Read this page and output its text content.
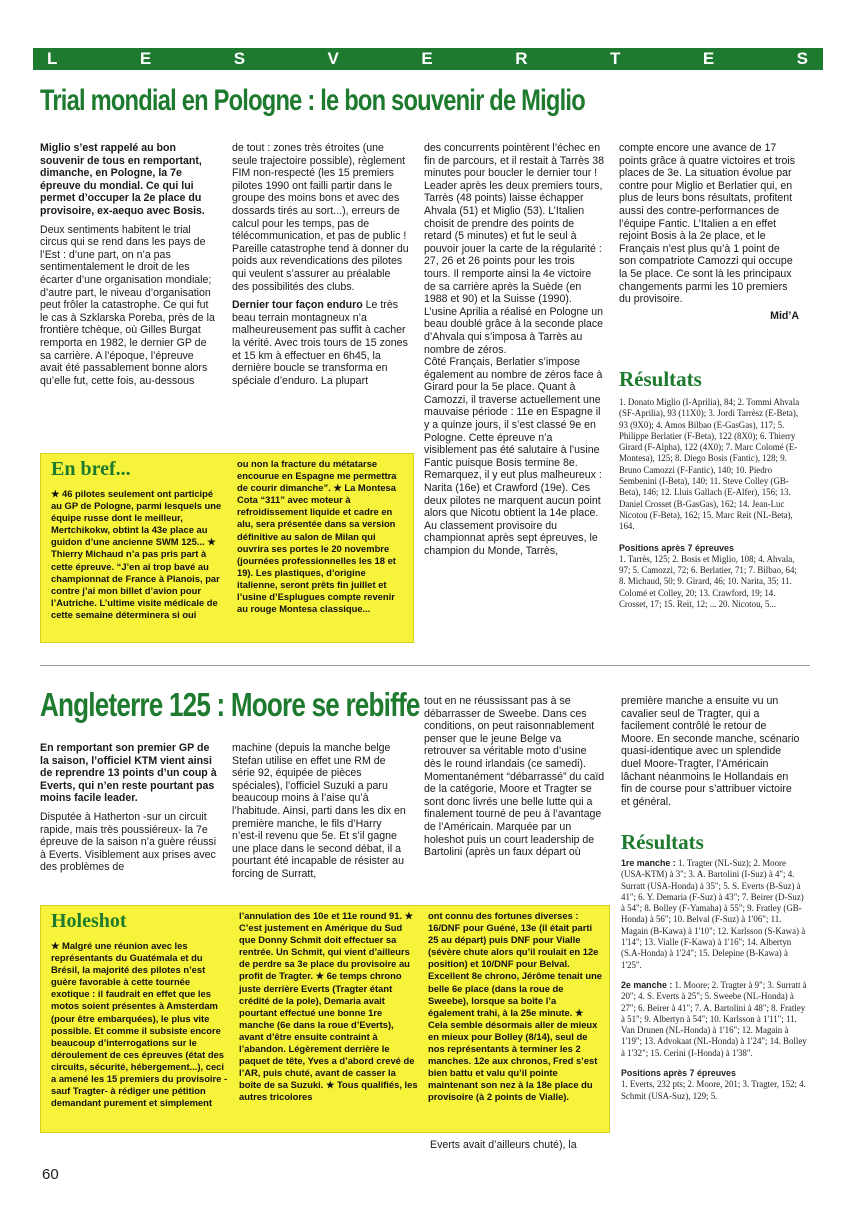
L	E	S	V	E	R	T	E	S
Trial mondial en Pologne : le bon souvenir de Miglio

Miglio s’est rappelé au bon souvenir de tous en remportant, dimanche, en Pologne, la 7e épreuve du mondial. Ce qui lui permet d’occuper la 2e place du provisoire, ex-aequo avec Bosis.

Deux sentiments habitent le trial circus qui se rend dans les pays de l’Est : d’une part, on n’a pas sentimentalement le droit de les écarter d’une organisation mondiale; d’autre part, le niveau d’organisation peut frôler la catastrophe. Ce qui fut le cas à Szklarska Poreba, près de la frontière tchèque, où Gilles Burgat remporta en 1982, le dernier GP de sa carrière. A l’époque, l’épreuve avait été passablement bonne alors qu’elle fut, cette fois, au-dessous

de tout : zones très étroites (une seule trajectoire possible), règlement FIM non-respecté (les 15 premiers pilotes 1990 ont failli partir dans le groupe des moins bons et avec des dossards tirés au sort...), erreurs de calcul pour les temps, pas de télécommunication, et pas de public ! Pareille catastrophe tend à donner du poids aux revendications des pilotes qui veulent s’assurer au préalable des possibilités des clubs.

Dernier tour façon enduro Le très beau terrain montagneux n’a malheureusement pas suffit à cacher la vérité. Avec trois tours de 15 zones et 15 km à effectuer en 6h45, la dernière boucle se transforma en spéciale d’enduro. La plupart

des concurrents pointèrent l’échec en fin de parcours, et il restait à Tarrès 38 minutes pour boucler le dernier tour ! Leader après les deux premiers tours, Tarrès (48 points) laisse échapper Ahvala (51) et Miglio (53). L’Italien choisit de prendre des points de retard (5 minutes) et fut le seul à pouvoir jouer la carte de la régularité : 27, 26 et 26 points pour les trois tours. Il remporte ainsi la 4e victoire de sa carrière après la Suède (en 1988 et 90) et la Suisse (1990). L’usine Aprilia a réalisé en Pologne un beau doublé grâce à la seconde place d’Ahvala qui s’imposa à Tarrès au nombre de zéros.

Côté Français, Berlatier s’impose également au nombre de zéros face à Girard pour la 5e place. Quant à Camozzi, il traverse actuellement une mauvaise période : 11e en Espagne il y a quinze jours, il s’est classé 9e en Pologne. Cette épreuve n’a visiblement pas été salutaire à l’usine Fantic puisque Bosis termine 8e. Remarquez, il y eut plus malheureux : Narita (16e) et Crawford (19e). Ces deux pilotes ne marquent aucun point alors que Nicotu obtient la 14e place.

Au classement provisoire du championnat après sept épreuves, le champion du Monde, Tarrès,

compte encore une avance de 17 points grâce à quatre victoires et trois places de 3e. La situation évolue par contre pour Miglio et Berlatier qui, en plus de leurs bons résultats, profitent aussi des contre-performances de l’équipe Fantic. L’Italien a en effet rejoint Bosis à la 2e place, et le Français n’est plus qu’à 1 point de son compatriote Camozzi qui occupe la 5e place. Ce sont là les principaux changements parmi les 10 premiers du provisoire.

Mid’A

Résultats
1. Donato Miglio (I-Aprilia), 84; 2. Tommi Ahvala (SF-Aprilia), 93 (11X0); 3. Jordi Tarrèsz (E-Beta), 93 (9X0); 4. Amos Bilbao (E-GasGas), 117; 5. Philippe Berlatier (F-Beta), 122 (8X0); 6. Thierry Girard (F-Alpha), 122 (4X0); 7. Marc Colomé (E-Montesa), 125; 8. Diego Bosis (Fantic), 128; 9. Bruno Camozzi (F-Fantic), 140; 10. Piedro Sembenini (I-Beta), 140; 11. Steve Colley (GB-Beta), 146; 12. Lluis Gallach (E-Alfer), 156; 13. Daniel Crosset (B-GasGas), 162; 14. Jean-Luc Nicotou (F-Beta), 162; 15. Marc Reit (NL-Beta), 164.
Positions après 7 épreuves
1. Tarrès, 125; 2. Bosis et Miglio, 108; 4. Ahvala, 97; 5. Camozzi, 72; 6. Berlatier, 71; 7. Bilbao, 64; 8. Michaud, 50; 9. Girard, 46; 10. Narita, 35; 11. Colomé et Colley, 20; 13. Crawford, 19; 14. Crosset, 17; 15. Reit, 12; ... 20. Nicotou, 5...
En bref...
★ 46 pilotes seulement ont participé au GP de Pologne, parmi lesquels une équipe russe dont le meilleur, Mertchikokw, obtint la 43e place au guidon d’une ancienne SWM 125... ★ Thierry Michaud n’a pas pris part à cette épreuve. “J’en ai trop bavé au championnat de France à Planois, par contre j’ai mon billet d’avion pour l’Autriche. L’ultime visite médicale de cette semaine déterminera si oui
ou non la fracture du métatarse encourue en Espagne me permettra de courir dimanche”. ★ La Montesa Cota “311” avec moteur à refroidissement liquide et cadre en alu, sera présentée dans sa version définitive au salon de Milan qui ouvrira ses portes le 20 novembre (journées professionnelles les 18 et 19). Les plastiques, d’origine italienne, seront prêts fin juillet et l’usine d’Esplugues compte revenir au rouge Montesa classique...
Angleterre 125 : Moore se rebiffe

En remportant son premier GP de la saison, l’officiel KTM vient ainsi de reprendre 13 points d’un coup à Everts, qui n’en reste pourtant pas moins facile leader.

Disputée à Hatherton -sur un circuit rapide, mais très poussiéreux- la 7e épreuve de la saison n’a guère réussi à Everts. Visiblement aux prises avec des problèmes de

machine (depuis la manche belge Stefan utilise en effet une RM de série 92, équipée de pièces spéciales), l’officiel Suzuki a paru beaucoup moins à l’aise qu’à l’habitude. Ainsi, parti dans les dix en première manche, le fils d’Harry n’est-il revenu que 5e. Et s’il gagne une place dans le second débat, il a pourtant été incapable de résister au forcing de Surratt,

tout en ne réussissant pas à se débarrasser de Sweebe. Dans ces conditions, on peut raisonnablement penser que le jeune Belge va retrouver sa véritable moto d’usine dès le round irlandais (ce samedi). Momentanément “débarrassé” du caïd de la catégorie, Moore et Tragter se sont donc livrés une belle lutte qui a finalement tourné de peu à l’avantage de l’Américain. Marquée par un holeshot puis un court leadership de Bartolini (après un faux départ où

Everts avait d’ailleurs chuté), la

première manche a ensuite vu un cavalier seul de Tragter, qui a facilement contrôlé le retour de Moore. En seconde manche, scénario quasi-identique avec un splendide duel Moore-Tragter, l’Américain lâchant néanmoins le Hollandais en fin de course pour s’attribuer victoire et général.

Résultats
1re manche : 1. Tragter (NL-Suz); 2. Moore (USA-KTM) à 3"; 3. A. Bartolini (I-Suz) à 4"; 4. Surratt (USA-Honda) à 35"; 5. S. Everts (B-Suz) à 41"; 6. Y. Demaria (F-Suz) à 43"; 7. Beirer (D-Suz) à 54"; 8. Bolley (F-Yamaha) à 55"; 9. Fratley (GB-Honda) à 56"; 10. Belval (F-Suz) à 1'06"; 11. Magain (B-Kawa) à 1'10"; 12. Karlsson (S-Kawa) à 1'14"; 13. Vialle (F-Kawa) à 1'16"; 14. Albertyn (S.A-Honda) à 1'24"; 15. Delepine (B-Kawa) à 1'25".
2e manche : 1. Moore; 2. Tragter à 9"; 3. Surratt à 20"; 4. S. Everts à 25"; 5. Sweebe (NL-Honda) à 27"; 6. Beirer à 41"; 7. A. Bartolini à 48"; 8. Fratley à 51"; 9. Albertyn à 54"; 10. Karlsson à 1'11"; 11. Van Drunen (NL-Honda) à 1'16"; 12. Magain à 1'19"; 13. Advokaat (NL-Honda) à 1'24"; 14. Bolley à 1'32"; 15. Cerini (I-Honda) à 1'38".
Positions après 7 épreuves
1. Everts, 232 pts; 2. Moore, 201; 3. Tragter, 152; 4. Schmit (USA-Suz), 129; 5.
Holeshot
★ Malgré une réunion avec les représentants du Guatémala et du Brésil, la majorité des pilotes n’est guère favorable à cette tournée exotique : il faudrait en effet que les motos soient présentes à Amsterdam (pour être embarquées), le plus vite possible. Et comme il subsiste encore beaucoup d’interrogations sur le déroulement de ces épreuves (état des circuits, sécurité, hébergement...), ceci a amené les 15 premiers du provisoire -sauf Tragter- à rédiger une pétition demandant purement et simplement
l’annulation des 10e et 11e round 91. ★ C’est justement en Amérique du Sud que Donny Schmit doit effectuer sa rentrée. Un Schmit, qui vient d’ailleurs de perdre sa 3e place du provisoire au profit de Tragter. ★ 6e temps chrono juste derrière Everts (Tragter étant crédité de la pole), Demaria avait pourtant effectué une bonne 1re manche (6e dans la roue d’Everts), avant d’être ensuite contraint à l’abandon. Légèrement derrière le paquet de tête, Yves a d’abord crevé de l’AR, puis chuté, avant de casser la boîte de sa Suzuki. ★ Tous qualifiés, les autres tricolores
ont connu des fortunes diverses : 16/DNF pour Guéné, 13e (il était parti 25 au départ) puis DNF pour Vialle (sévère chute alors qu’il roulait en 12e position) et 10/DNF pour Belval. Excellent 8e chrono, Jérôme tenait une belle 6e place (dans la roue de Sweebe), lorsque sa boîte l’a également trahi, à la 25e minute. ★ Cela semble désormais aller de mieux en mieux pour Bolley (8/14), seul de nos représentants à terminer les 2 manches. 12e aux chronos, Fred s’est bien battu et valu qu’il pointe maintenant son nez à la 18e place du provisoire (à 2 points de Vialle).
60
